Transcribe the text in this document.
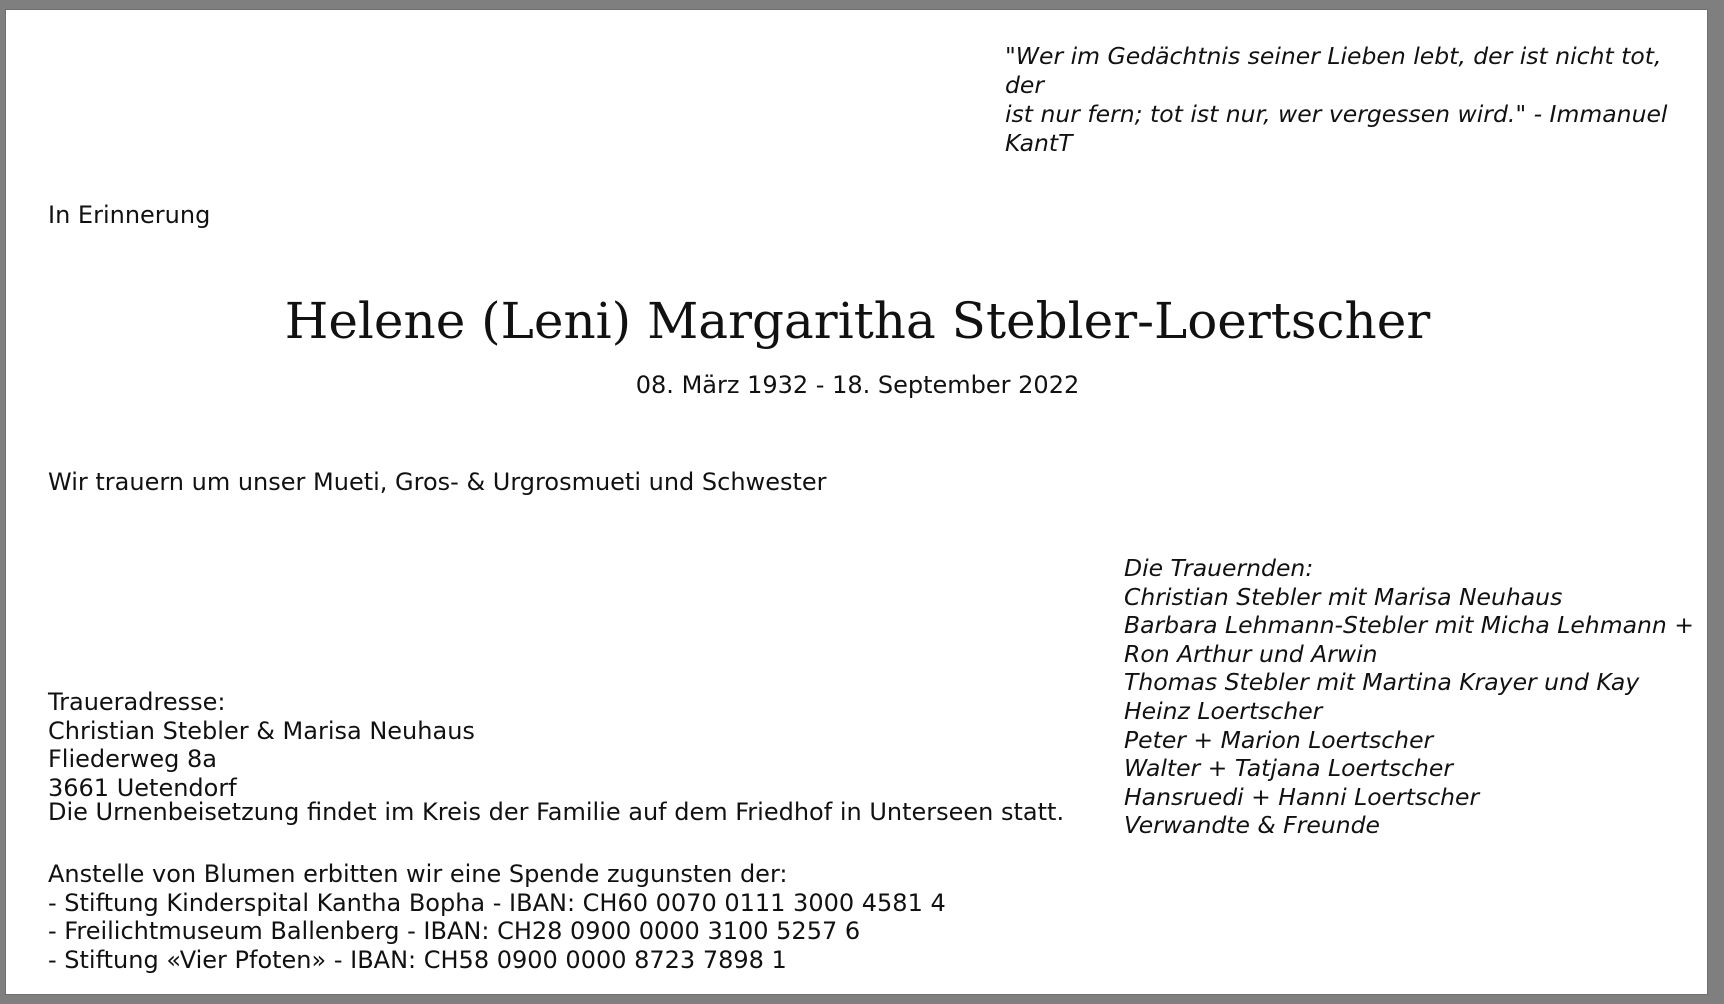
"Wer im Gedächtnis seiner Lieben lebt, der ist nicht tot, der
ist nur fern; tot ist nur, wer vergessen wird." - Immanuel
KantT
In Erinnerung
Helene (Leni) Margaritha Stebler-Loertscher
08. März 1932 - 18. September 2022
Wir trauern um unser Mueti, Gros- & Urgrosmueti und Schwester
Die Trauernden:
Christian Stebler mit Marisa Neuhaus
Barbara Lehmann-Stebler mit Micha Lehmann +
Ron Arthur und Arwin
Thomas Stebler mit Martina Krayer und Kay
Heinz Loertscher
Peter + Marion Loertscher
Walter + Tatjana Loertscher
Hansruedi + Hanni Loertscher
Verwandte & Freunde
Traueradresse:
Christian Stebler & Marisa Neuhaus
Fliederweg 8a
3661 Uetendorf
Die Urnenbeisetzung findet im Kreis der Familie auf dem Friedhof in Unterseen statt.
Anstelle von Blumen erbitten wir eine Spende zugunsten der:
- Stiftung Kinderspital Kantha Bopha - IBAN: CH60 0070 0111 3000 4581 4
- Freilichtmuseum Ballenberg - IBAN: CH28 0900 0000 3100 5257 6
- Stiftung «Vier Pfoten» - IBAN: CH58 0900 0000 8723 7898 1
